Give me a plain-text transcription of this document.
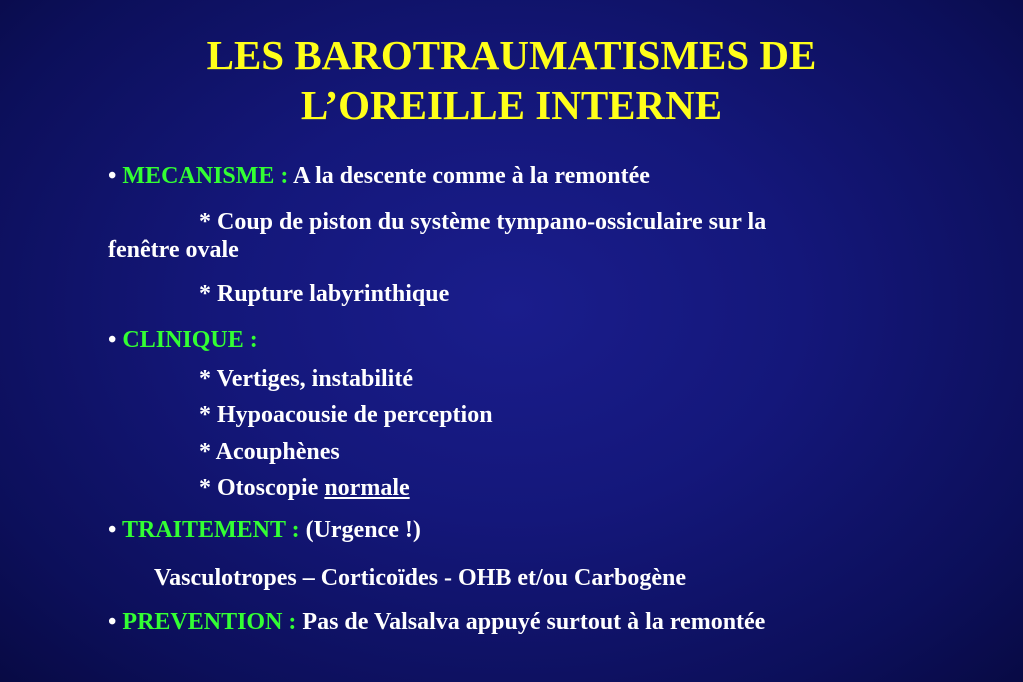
LES BAROTRAUMATISMES DE
L’OREILLE INTERNE
• MECANISME : A la descente comme à la remontée
* Coup de piston du système tympano-ossiculaire sur la
fenêtre ovale
* Rupture labyrinthique
• CLINIQUE :
* Vertiges, instabilité
* Hypoacousie de perception
* Acouphènes
* Otoscopie normale
• TRAITEMENT : (Urgence !)
Vasculotropes – Corticoïdes - OHB et/ou Carbogène
• PREVENTION : Pas de Valsalva appuyé surtout à la remontée
